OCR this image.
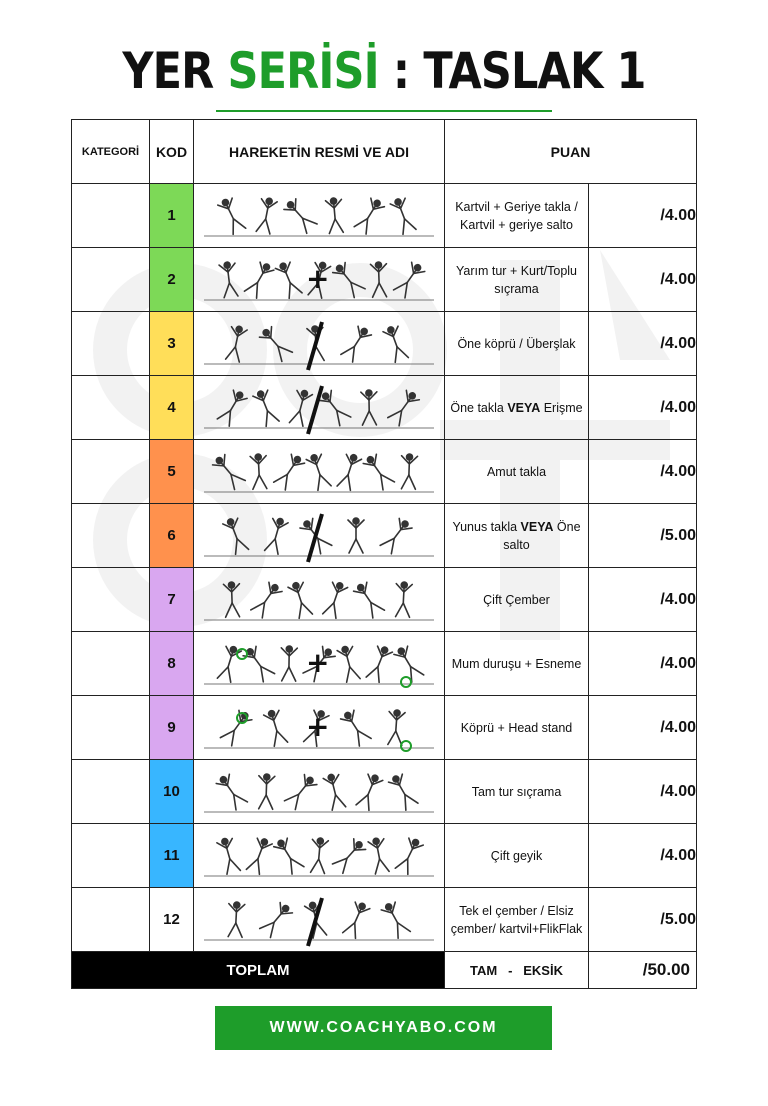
YER SERİSİ : TASLAK 1
KATEGORİ	KOD	HAREKETİN RESMİ VE ADI	PUAN	
	1		Kartvil + Geriye takla / Kartvil + geriye salto	/4.00
	2	+	Yarım tur + Kurt/Toplu sıçrama	/4.00
	3		Öne köprü / Überşlak	/4.00
	4		Öne takla VEYA Erişme	/4.00
	5		Amut takla	/4.00
	6		Yunus takla VEYA Öne salto	/5.00
	7		Çift Çember	/4.00
	8	+	Mum duruşu + Esneme	/4.00
	9	+	Köprü + Head stand	/4.00
	10		Tam tur sıçrama	/4.00
	11		Çift geyik	/4.00
	12		Tek el çember / Elsiz çember/ kartvil+FlikFlak	/5.00
TOPLAM			TAM - EKSİK	/50.00
WWW.COACHYABO.COM
